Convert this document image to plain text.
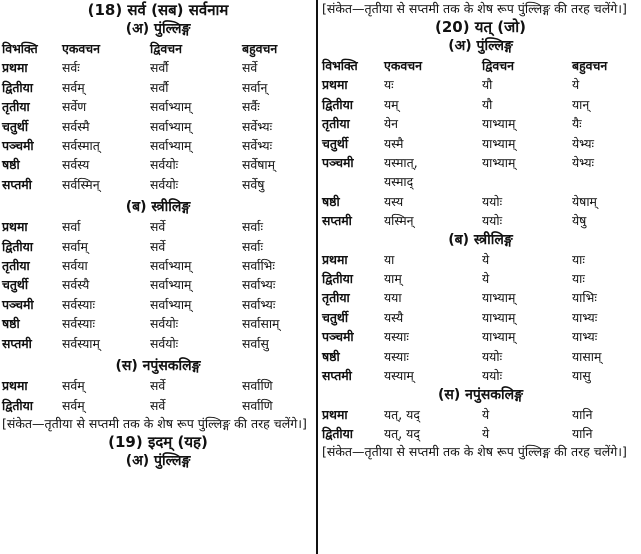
(18) सर्व (सब) सर्वनाम

(अ) पुंल्लिङ्ग

विभक्ति	एकवचन	द्विवचन	बहुवचन
प्रथमा	सर्वः	सर्वौ	सर्वे
द्वितीया	सर्वम्	सर्वौ	सर्वान्
तृतीया	सर्वेण	सर्वाभ्याम्	सर्वैः
चतुर्थी	सर्वस्मै	सर्वाभ्याम्	सर्वेभ्यः
पञ्चमी	सर्वस्मात्	सर्वाभ्याम्	सर्वेभ्यः
षष्ठी	सर्वस्य	सर्वयोः	सर्वेषाम्
सप्तमी	सर्वस्मिन्	सर्वयोः	सर्वेषु

(ब) स्त्रीलिङ्ग

प्रथमा	सर्वा	सर्वे	सर्वाः
द्वितीया	सर्वाम्	सर्वे	सर्वाः
तृतीया	सर्वया	सर्वाभ्याम्	सर्वाभिः
चतुर्थी	सर्वस्यै	सर्वाभ्याम्	सर्वाभ्यः
पञ्चमी	सर्वस्याः	सर्वाभ्याम्	सर्वाभ्यः
षष्ठी	सर्वस्याः	सर्वयोः	सर्वासाम्
सप्तमी	सर्वस्याम्	सर्वयोः	सर्वासु

(स) नपुंसकलिङ्ग

प्रथमा	सर्वम्	सर्वे	सर्वाणि
द्वितीया	सर्वम्	सर्वे	सर्वाणि

[संकेत—तृतीया से सप्तमी तक के शेष रूप पुंल्लिङ्ग की तरह चलेंगे।]

(19) इदम् (यह)

(अ) पुंल्लिङ्ग

[संकेत—तृतीया से सप्तमी तक के शेष रूप पुंल्लिङ्ग की तरह चलेंगे।]

(20) यत् (जो)

(अ) पुंल्लिङ्ग

विभक्ति	एकवचन	द्विवचन	बहुवचन
प्रथमा	यः	यौ	ये
द्वितीया	यम्	यौ	यान्
तृतीया	येन	याभ्याम्	यैः
चतुर्थी	यस्मै	याभ्याम्	येभ्यः
पञ्चमी	यस्मात्,	याभ्याम्	येभ्यः
	यस्माद्		
षष्ठी	यस्य	ययोः	येषाम्
सप्तमी	यस्मिन्	ययोः	येषु

(ब) स्त्रीलिङ्ग

प्रथमा	या	ये	याः
द्वितीया	याम्	ये	याः
तृतीया	यया	याभ्याम्	याभिः
चतुर्थी	यस्यै	याभ्याम्	याभ्यः
पञ्चमी	यस्याः	याभ्याम्	याभ्यः
षष्ठी	यस्याः	ययोः	यासाम्
सप्तमी	यस्याम्	ययोः	यासु

(स) नपुंसकलिङ्ग

प्रथमा	यत्, यद्	ये	यानि
द्वितीया	यत्, यद्	ये	यानि

[संकेत—तृतीया से सप्तमी तक के शेष रूप पुंल्लिङ्ग की तरह चलेंगे।]
